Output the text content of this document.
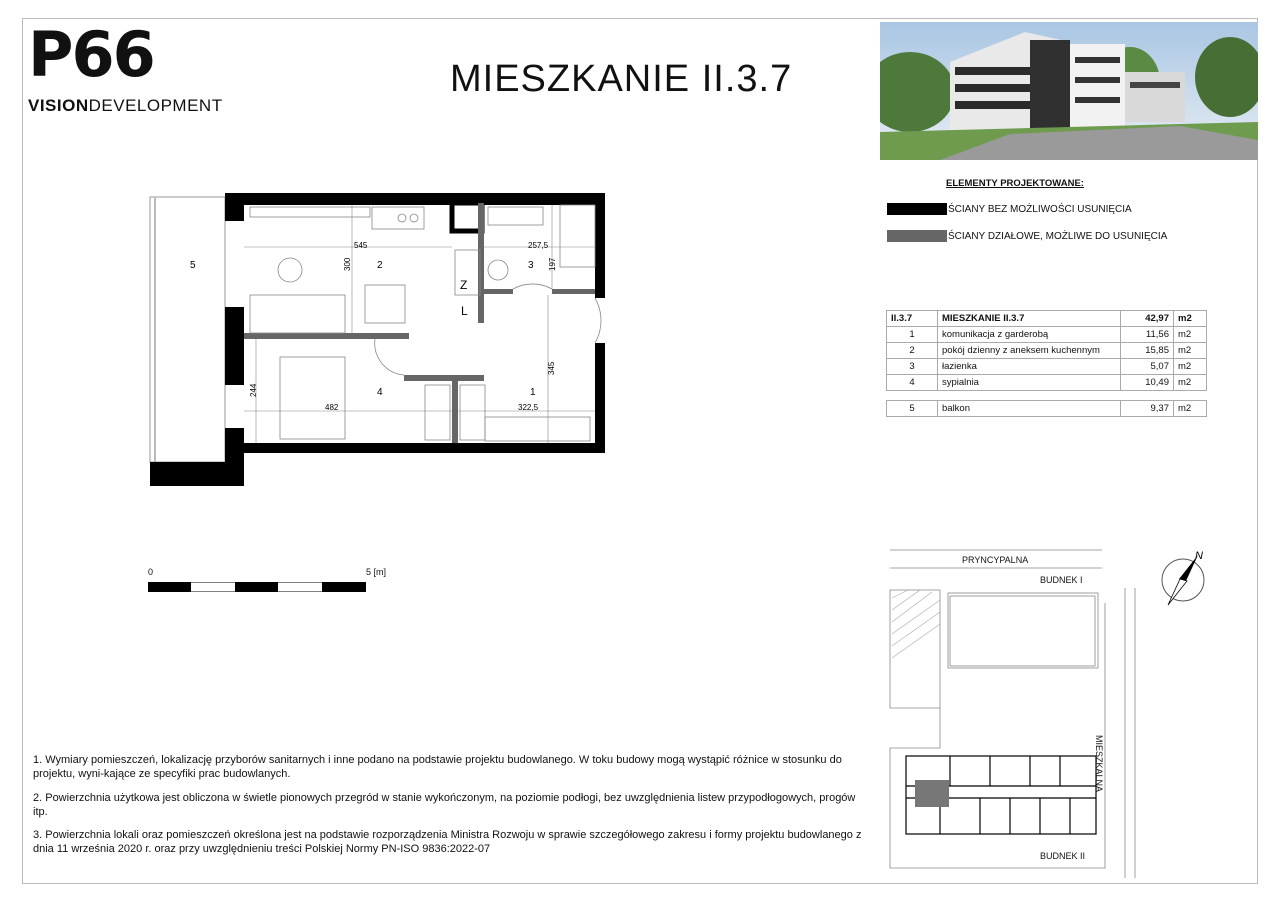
P66
VISIONDEVELOPMENT
MIESZKANIE II.3.7
ELEMENTY PROJEKTOWANE:
ŚCIANY BEZ MOŻLIWOŚCI USUNIĘCIA
ŚCIANY DZIAŁOWE, MOŻLIWE DO USUNIĘCIA
II.3.7	MIESZKANIE II.3.7	42,97	m2
1	komunikacja z garderobą	11,56	m2
2	pokój dzienny z aneksem kuchennym	15,85	m2
3	łazienka	5,07	m2
4	sypialnia	10,49	m2
5	balkon	9,37	m2
5	2	3
4	1
Z
L
545	257,5
300	197
345
244
482	322,5
0	5 [m]
PRYNCYPALNA
BUDNEK I
BUDNEK II
MIESZKALNA
N

1. Wymiary pomieszczeń, lokalizację przyborów sanitarnych i inne podano na podstawie projektu budowlanego. W toku budowy mogą wystąpić różnice w stosunku do projektu, wyni-kające ze specyfiki prac budowlanych.

2. Powierzchnia użytkowa jest obliczona w świetle pionowych przegród w stanie wykończonym, na poziomie podłogi, bez uwzględnienia listew przypodłogowych, progów itp.

3. Powierzchnia lokali oraz pomieszczeń określona jest na podstawie rozporządzenia Ministra Rozwoju w sprawie szczegółowego zakresu i formy projektu budowlanego z dnia 11 września 2020 r. oraz przy uwzględnieniu treści Polskiej Normy PN-ISO 9836:2022-07
